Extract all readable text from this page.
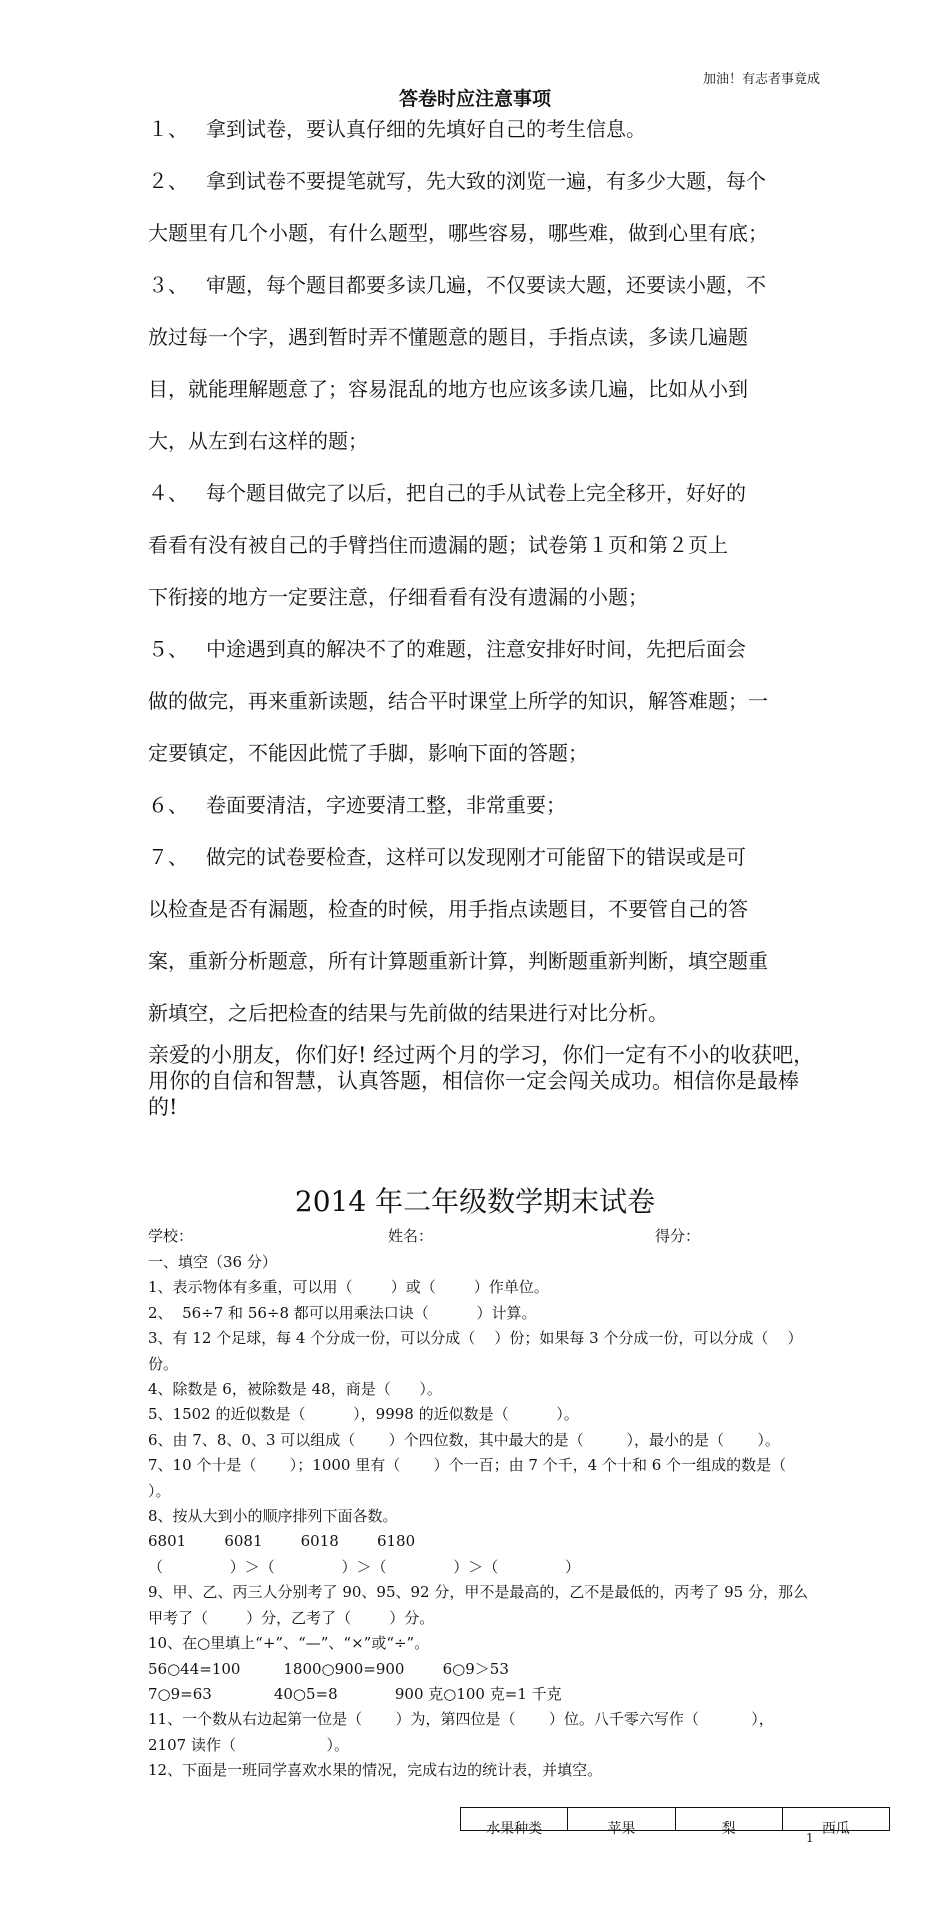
加油！有志者事竟成
答卷时应注意事项

１、 拿到试卷，要认真仔细的先填好自己的考生信息。

２、 拿到试卷不要提笔就写，先大致的浏览一遍，有多少大题，每个

大题里有几个小题，有什么题型，哪些容易，哪些难，做到心里有底；

３、 审题，每个题目都要多读几遍，不仅要读大题，还要读小题，不

放过每一个字，遇到暂时弄不懂题意的题目，手指点读，多读几遍题

目，就能理解题意了；容易混乱的地方也应该多读几遍，比如从小到

大，从左到右这样的题；

４、 每个题目做完了以后，把自己的手从试卷上完全移开，好好的

看看有没有被自己的手臂挡住而遗漏的题；试卷第１页和第２页上

下衔接的地方一定要注意，仔细看看有没有遗漏的小题；

５、 中途遇到真的解决不了的难题，注意安排好时间，先把后面会

做的做完，再来重新读题，结合平时课堂上所学的知识，解答难题；一

定要镇定，不能因此慌了手脚，影响下面的答题；

６、 卷面要清洁，字迹要清工整，非常重要；

７、 做完的试卷要检查，这样可以发现刚才可能留下的错误或是可

以检查是否有漏题，检查的时候，用手指点读题目，不要管自己的答

案，重新分析题意，所有计算题重新计算，判断题重新判断，填空题重

新填空，之后把检查的结果与先前做的结果进行对比分析。

亲爱的小朋友，你们好! 经过两个月的学习，你们一定有不小的收获吧，用你的自信和智慧，认真答题，相信你一定会闯关成功。相信你是最棒的!
2014 年二年级数学期末试卷
学校：	姓名：	得分：
一、填空（36 分）
1、表示物体有多重，可以用（        ）或（        ）作单位。
2、  56÷7 和 56÷8 都可以用乘法口诀（          ）计算。
3、有 12 个足球，每 4 个分成一份，可以分成（    ）份；如果每 3 个分成一份，可以分成（    ）
份。
4、除数是 6，被除数是 48，商是（      ）。
5、1502 的近似数是（          ），9998 的近似数是（          ）。
6、由 7、8、0、3 可以组成（       ）个四位数，其中最大的是（         ），最小的是（       ）。
7、10 个十是（       ）；1000 里有（       ）个一百；由 7 个千，4 个十和 6 个一组成的数是（
）。
8、按从大到小的顺序排列下面各数。
6801        6081        6018        6180
（              ）＞（              ）＞（              ）＞（              ）
9、甲、乙、丙三人分别考了 90、95、92 分，甲不是最高的，乙不是最低的，丙考了 95 分，那么
甲考了（        ）分，乙考了（        ）分。
10、在○里填上“+”、“—”、“×”或“÷”。
56○44=100         1800○900=900        6○9＞53
7○9=63             40○5=8            900 克○100 克=1 千克
11、一个数从右边起第一位是（       ）为，第四位是（       ）位。八千零六写作（           ），
2107 读作（                   ）。
12、下面是一班同学喜欢水果的情况，完成右边的统计表，并填空。
水果种类	苹果	梨	西瓜
1
